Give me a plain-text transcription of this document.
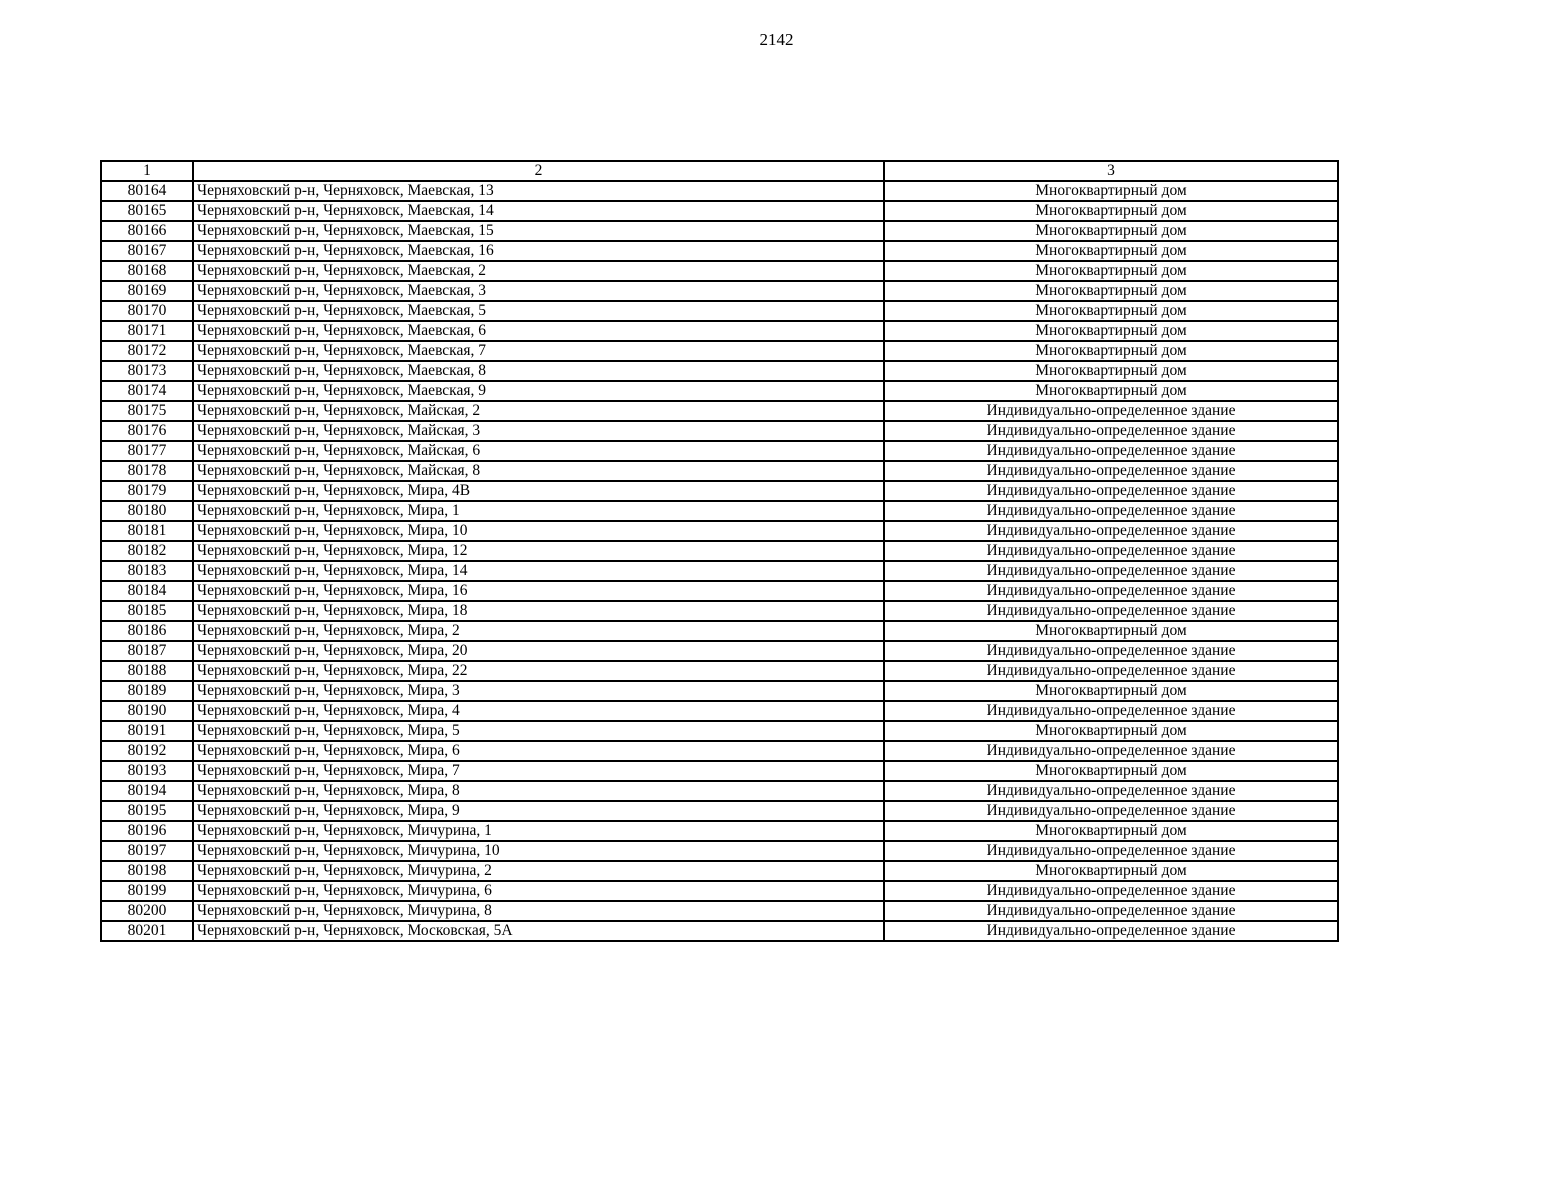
2142
1	2	3
80164	Черняховский р-н, Черняховск, Маевская, 13	Многоквартирный дом
80165	Черняховский р-н, Черняховск, Маевская, 14	Многоквартирный дом
80166	Черняховский р-н, Черняховск, Маевская, 15	Многоквартирный дом
80167	Черняховский р-н, Черняховск, Маевская, 16	Многоквартирный дом
80168	Черняховский р-н, Черняховск, Маевская, 2	Многоквартирный дом
80169	Черняховский р-н, Черняховск, Маевская, 3	Многоквартирный дом
80170	Черняховский р-н, Черняховск, Маевская, 5	Многоквартирный дом
80171	Черняховский р-н, Черняховск, Маевская, 6	Многоквартирный дом
80172	Черняховский р-н, Черняховск, Маевская, 7	Многоквартирный дом
80173	Черняховский р-н, Черняховск, Маевская, 8	Многоквартирный дом
80174	Черняховский р-н, Черняховск, Маевская, 9	Многоквартирный дом
80175	Черняховский р-н, Черняховск, Майская, 2	Индивидуально-определенное здание
80176	Черняховский р-н, Черняховск, Майская, 3	Индивидуально-определенное здание
80177	Черняховский р-н, Черняховск, Майская, 6	Индивидуально-определенное здание
80178	Черняховский р-н, Черняховск, Майская, 8	Индивидуально-определенное здание
80179	Черняховский р-н, Черняховск, Мира, 4В	Индивидуально-определенное здание
80180	Черняховский р-н, Черняховск, Мира, 1	Индивидуально-определенное здание
80181	Черняховский р-н, Черняховск, Мира, 10	Индивидуально-определенное здание
80182	Черняховский р-н, Черняховск, Мира, 12	Индивидуально-определенное здание
80183	Черняховский р-н, Черняховск, Мира, 14	Индивидуально-определенное здание
80184	Черняховский р-н, Черняховск, Мира, 16	Индивидуально-определенное здание
80185	Черняховский р-н, Черняховск, Мира, 18	Индивидуально-определенное здание
80186	Черняховский р-н, Черняховск, Мира, 2	Многоквартирный дом
80187	Черняховский р-н, Черняховск, Мира, 20	Индивидуально-определенное здание
80188	Черняховский р-н, Черняховск, Мира, 22	Индивидуально-определенное здание
80189	Черняховский р-н, Черняховск, Мира, 3	Многоквартирный дом
80190	Черняховский р-н, Черняховск, Мира, 4	Индивидуально-определенное здание
80191	Черняховский р-н, Черняховск, Мира, 5	Многоквартирный дом
80192	Черняховский р-н, Черняховск, Мира, 6	Индивидуально-определенное здание
80193	Черняховский р-н, Черняховск, Мира, 7	Многоквартирный дом
80194	Черняховский р-н, Черняховск, Мира, 8	Индивидуально-определенное здание
80195	Черняховский р-н, Черняховск, Мира, 9	Индивидуально-определенное здание
80196	Черняховский р-н, Черняховск, Мичурина, 1	Многоквартирный дом
80197	Черняховский р-н, Черняховск, Мичурина, 10	Индивидуально-определенное здание
80198	Черняховский р-н, Черняховск, Мичурина, 2	Многоквартирный дом
80199	Черняховский р-н, Черняховск, Мичурина, 6	Индивидуально-определенное здание
80200	Черняховский р-н, Черняховск, Мичурина, 8	Индивидуально-определенное здание
80201	Черняховский р-н, Черняховск, Московская, 5А	Индивидуально-определенное здание
